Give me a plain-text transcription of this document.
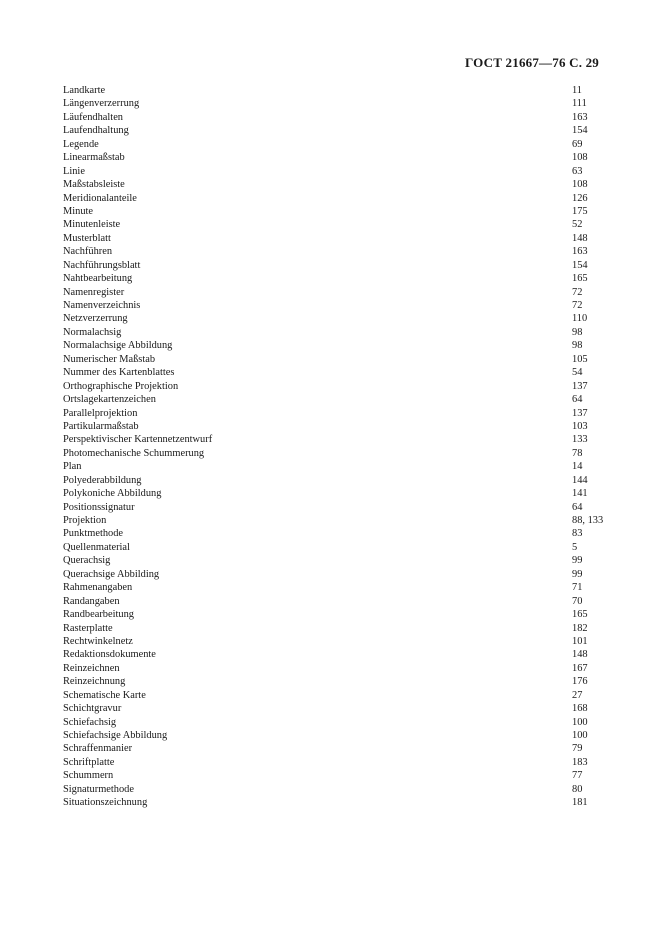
ГОСТ 21667—76 С. 29
Landkarte	11
Längenverzerrung	111
Läufendhalten	163
Laufendhaltung	154
Legende	69
Linearmaßstab	108
Linie	63
Maßstabsleiste	108
Meridionalanteile	126
Minute	175
Minutenleiste	52
Musterblatt	148
Nachführen	163
Nachführungsblatt	154
Nahtbearbeitung	165
Namenregister	72
Namenverzeichnis	72
Netzverzerrung	110
Normalachsig	98
Normalachsige Abbildung	98
Numerischer Maßstab	105
Nummer des Kartenblattes	54
Orthographische Projektion	137
Ortslagekartenzeichen	64
Parallelprojektion	137
Partikularmaßstab	103
Perspektivischer Kartennetzentwurf	133
Photomechanische Schummerung	78
Plan	14
Polyederabbildung	144
Polykoniche Abbildung	141
Positionssignatur	64
Projektion	88, 133
Punktmethode	83
Quellenmaterial	5
Querachsig	99
Querachsige Abbilding	99
Rahmenangaben	71
Randangaben	70
Randbearbeitung	165
Rasterplatte	182
Rechtwinkelnetz	101
Redaktionsdokumente	148
Reinzeichnen	167
Reinzeichnung	176
Schematische Karte	27
Schichtgravur	168
Schiefachsig	100
Schiefachsige Abbildung	100
Schraffenmanier	79
Schriftplatte	183
Schummern	77
Signaturmethode	80
Situationszeichnung	181
